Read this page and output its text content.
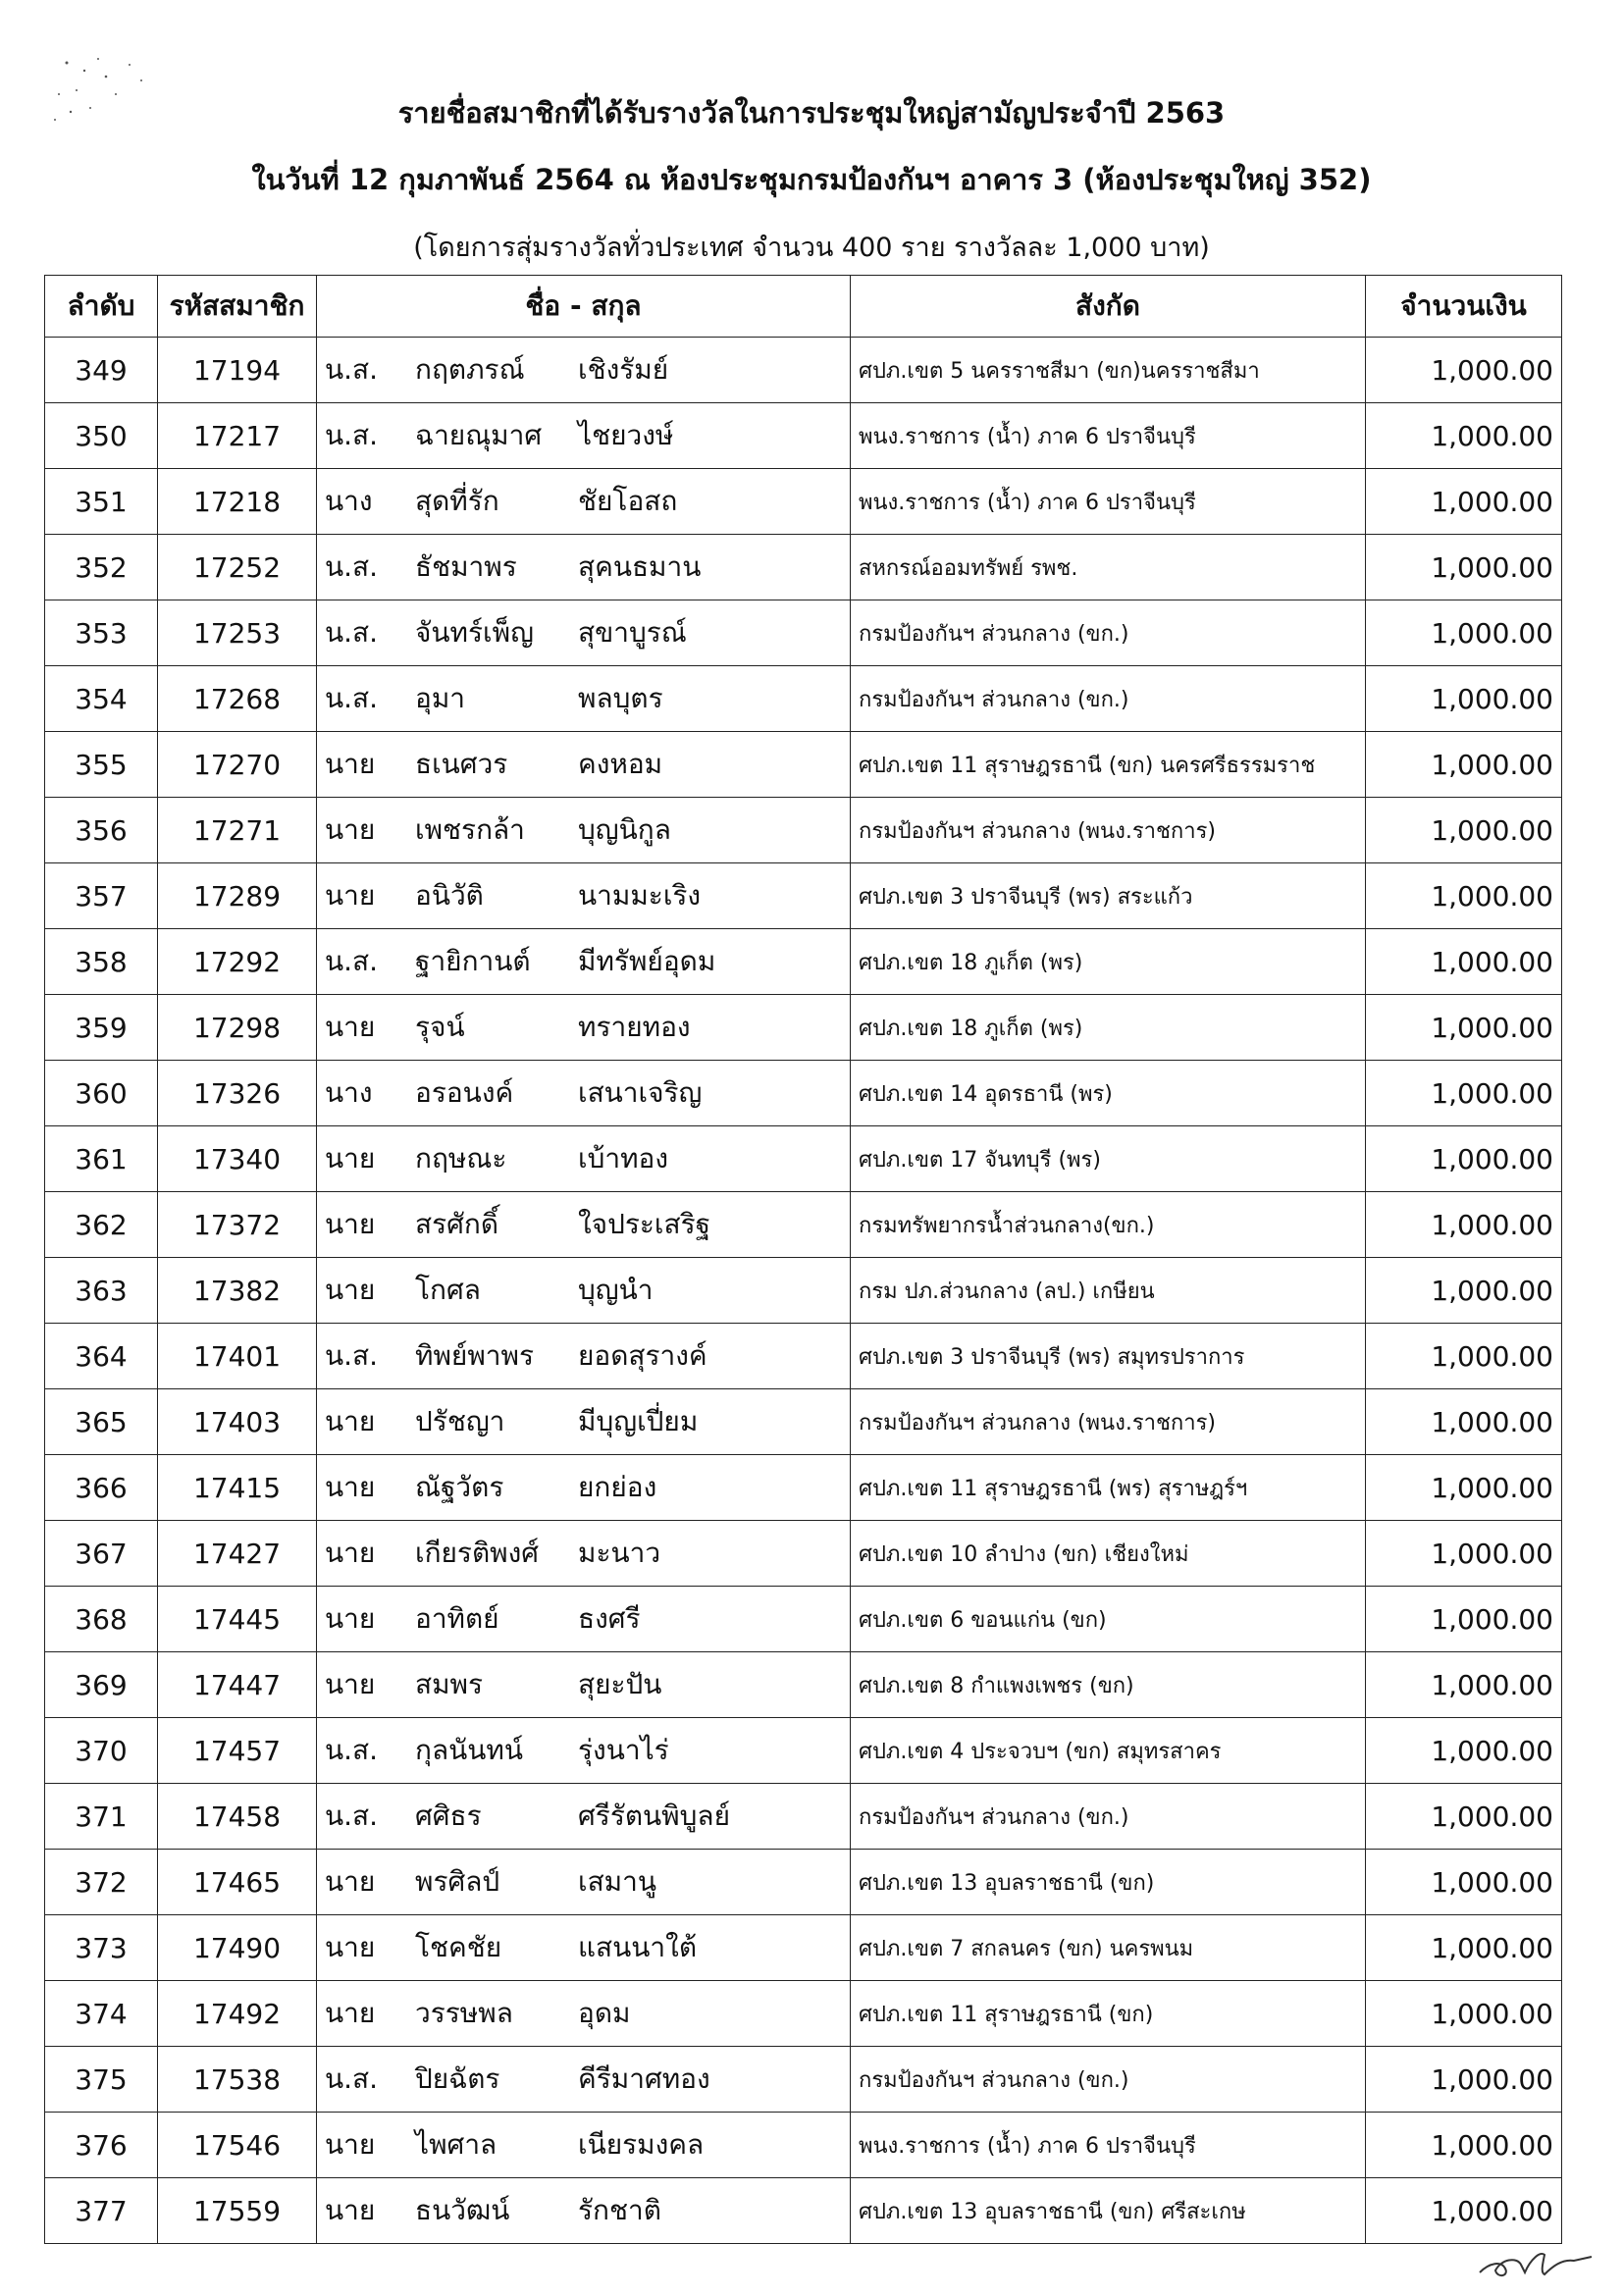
รายชื่อสมาชิกที่ได้รับรางวัลในการประชุมใหญ่สามัญประจำปี 2563
ในวันที่ 12 กุมภาพันธ์ 2564 ณ ห้องประชุมกรมป้องกันฯ อาคาร 3 (ห้องประชุมใหญ่ 352)
(โดยการสุ่มรางวัลทั่วประเทศ จำนวน 400 ราย รางวัลละ 1,000 บาท)
ลำดับ	รหัสสมาชิก	ชื่อ - สกุล	สังกัด	จำนวนเงิน
349	17194	น.ส. กฤตภรณ์ เชิงรัมย์	ศปภ.เขต 5 นครราชสีมา (ขก)นครราชสีมา	1,000.00
350	17217	น.ส. ฉายณุมาศ ไชยวงษ์	พนง.ราชการ (น้ำ) ภาค 6 ปราจีนบุรี	1,000.00
351	17218	นาง สุดที่รัก ชัยโอสถ	พนง.ราชการ (น้ำ) ภาค 6 ปราจีนบุรี	1,000.00
352	17252	น.ส. ธัชมาพร สุคนธมาน	สหกรณ์ออมทรัพย์ รพช.	1,000.00
353	17253	น.ส. จันทร์เพ็ญ สุขาบูรณ์	กรมป้องกันฯ ส่วนกลาง (ขก.)	1,000.00
354	17268	น.ส. อุมา พลบุตร	กรมป้องกันฯ ส่วนกลาง (ขก.)	1,000.00
355	17270	นาย ธเนศวร คงหอม	ศปภ.เขต 11 สุราษฎรธานี (ขก) นครศรีธรรมราช	1,000.00
356	17271	นาย เพชรกล้า บุญนิกูล	กรมป้องกันฯ ส่วนกลาง (พนง.ราชการ)	1,000.00
357	17289	นาย อนิวัติ นามมะเริง	ศปภ.เขต 3 ปราจีนบุรี (พร) สระแก้ว	1,000.00
358	17292	น.ส. ฐายิกานต์ มีทรัพย์อุดม	ศปภ.เขต 18 ภูเก็ต (พร)	1,000.00
359	17298	นาย รุจน์ ทรายทอง	ศปภ.เขต 18 ภูเก็ต (พร)	1,000.00
360	17326	นาง อรอนงค์ เสนาเจริญ	ศปภ.เขต 14 อุดรธานี (พร)	1,000.00
361	17340	นาย กฤษณะ เบ้าทอง	ศปภ.เขต 17 จันทบุรี (พร)	1,000.00
362	17372	นาย สรศักดิ์ ใจประเสริฐ	กรมทรัพยากรน้ำส่วนกลาง(ขก.)	1,000.00
363	17382	นาย โกศล บุญนำ	กรม ปภ.ส่วนกลาง (ลป.) เกษียน	1,000.00
364	17401	น.ส. ทิพย์พาพร ยอดสุรางค์	ศปภ.เขต 3 ปราจีนบุรี (พร) สมุทรปราการ	1,000.00
365	17403	นาย ปรัชญา มีบุญเปี่ยม	กรมป้องกันฯ ส่วนกลาง (พนง.ราชการ)	1,000.00
366	17415	นาย ณัฐวัตร ยกย่อง	ศปภ.เขต 11 สุราษฎรธานี (พร) สุราษฎร์ฯ	1,000.00
367	17427	นาย เกียรติพงศ์ มะนาว	ศปภ.เขต 10 ลำปาง (ขก) เชียงใหม่	1,000.00
368	17445	นาย อาทิตย์ ธงศรี	ศปภ.เขต 6 ขอนแก่น (ขก)	1,000.00
369	17447	นาย สมพร สุยะปัน	ศปภ.เขต 8 กำแพงเพชร (ขก)	1,000.00
370	17457	น.ส. กุลนันทน์ รุ่งนาไร่	ศปภ.เขต 4 ประจวบฯ (ขก) สมุทรสาคร	1,000.00
371	17458	น.ส. ศศิธร ศรีรัตนพิบูลย์	กรมป้องกันฯ ส่วนกลาง (ขก.)	1,000.00
372	17465	นาย พรศิลป์ เสมานู	ศปภ.เขต 13 อุบลราชธานี (ขก)	1,000.00
373	17490	นาย โชคชัย แสนนาใต้	ศปภ.เขต 7 สกลนคร (ขก) นครพนม	1,000.00
374	17492	นาย วรรษพล อุดม	ศปภ.เขต 11 สุราษฎรธานี (ขก)	1,000.00
375	17538	น.ส. ปิยฉัตร คีรีมาศทอง	กรมป้องกันฯ ส่วนกลาง (ขก.)	1,000.00
376	17546	นาย ไพศาล เนียรมงคล	พนง.ราชการ (น้ำ) ภาค 6 ปราจีนบุรี	1,000.00
377	17559	นาย ธนวัฒน์ รักชาติ	ศปภ.เขต 13 อุบลราชธานี (ขก) ศรีสะเกษ	1,000.00
